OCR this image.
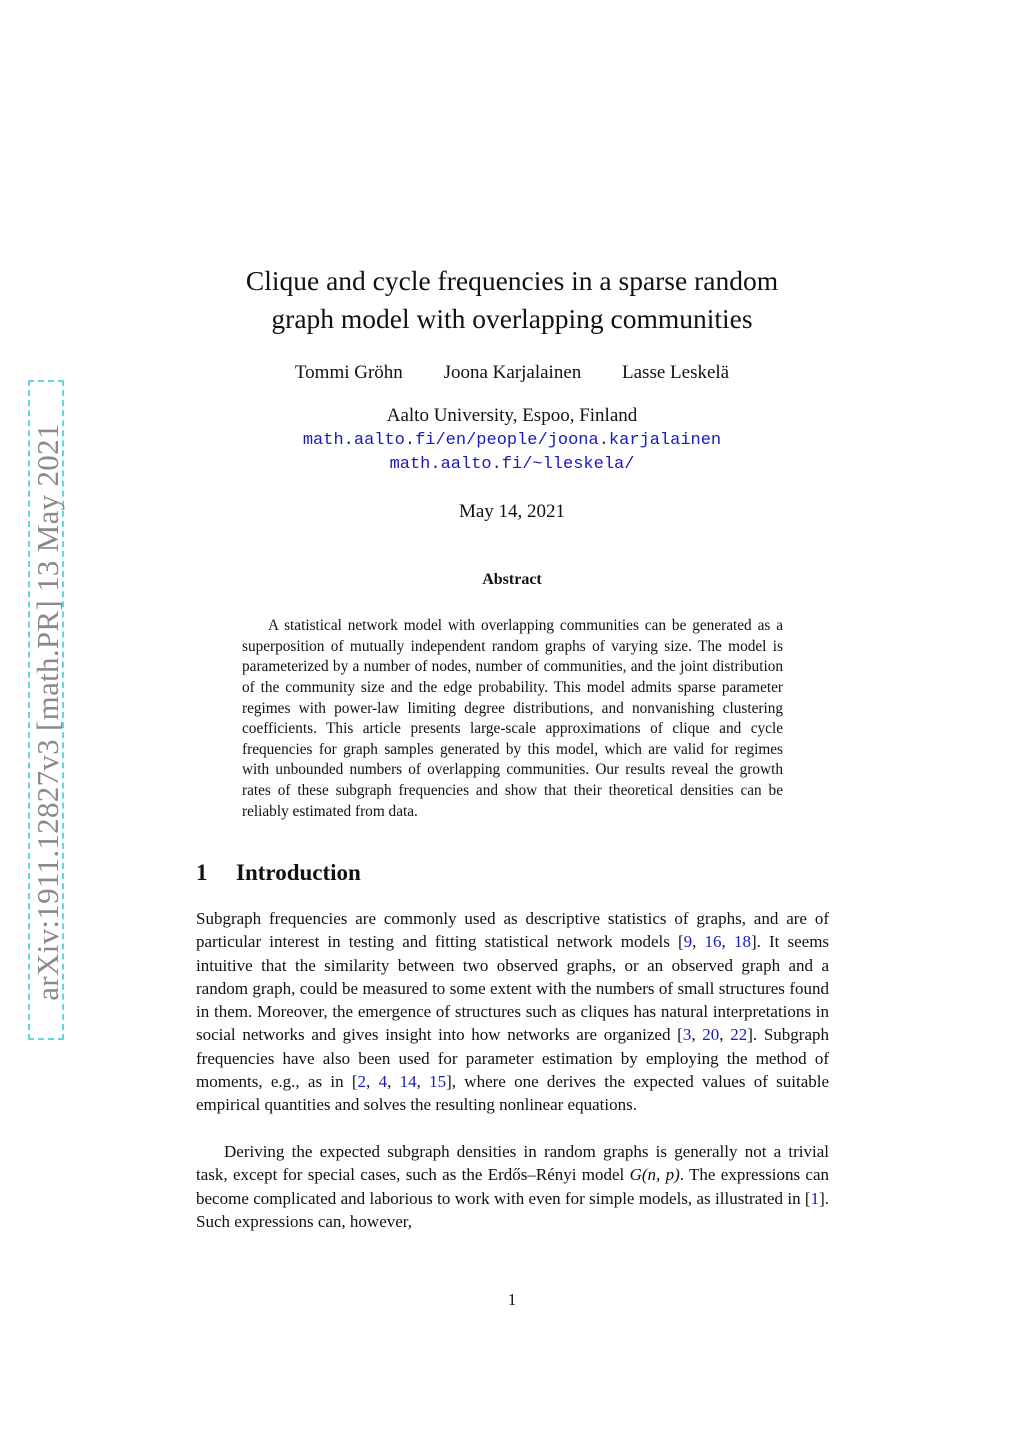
arXiv:1911.12827v3 [math.PR] 13 May 2021
Clique and cycle frequencies in a sparse random
graph model with overlapping communities
Tommi Gröhn Joona Karjalainen Lasse Leskelä
Aalto University, Espoo, Finland
math.aalto.fi/en/people/joona.karjalainen
math.aalto.fi/~lleskela/
May 14, 2021
Abstract

A statistical network model with overlapping communities can be generated as a superposition of mutually independent random graphs of varying size. The model is parameterized by a number of nodes, number of communities, and the joint distribution of the community size and the edge probability. This model admits sparse parameter regimes with power-law limiting degree distributions, and nonvanishing clustering coefficients. This article presents large-scale approximations of clique and cycle frequencies for graph samples generated by this model, which are valid for regimes with unbounded numbers of overlapping communities. Our results reveal the growth rates of these subgraph frequencies and show that their theoretical densities can be reliably estimated from data.

1 Introduction

Subgraph frequencies are commonly used as descriptive statistics of graphs, and are of particular interest in testing and fitting statistical network models [9, 16, 18]. It seems intuitive that the similarity between two observed graphs, or an observed graph and a random graph, could be measured to some extent with the numbers of small structures found in them. Moreover, the emergence of structures such as cliques has natural interpretations in social networks and gives insight into how networks are organized [3, 20, 22]. Subgraph frequencies have also been used for parameter estimation by employing the method of moments, e.g., as in [2, 4, 14, 15], where one derives the expected values of suitable empirical quantities and solves the resulting nonlinear equations.

Deriving the expected subgraph densities in random graphs is generally not a trivial task, except for special cases, such as the Erdős–Rényi model G(n, p). The expressions can become complicated and laborious to work with even for simple models, as illustrated in [1]. Such expressions can, however,

1
